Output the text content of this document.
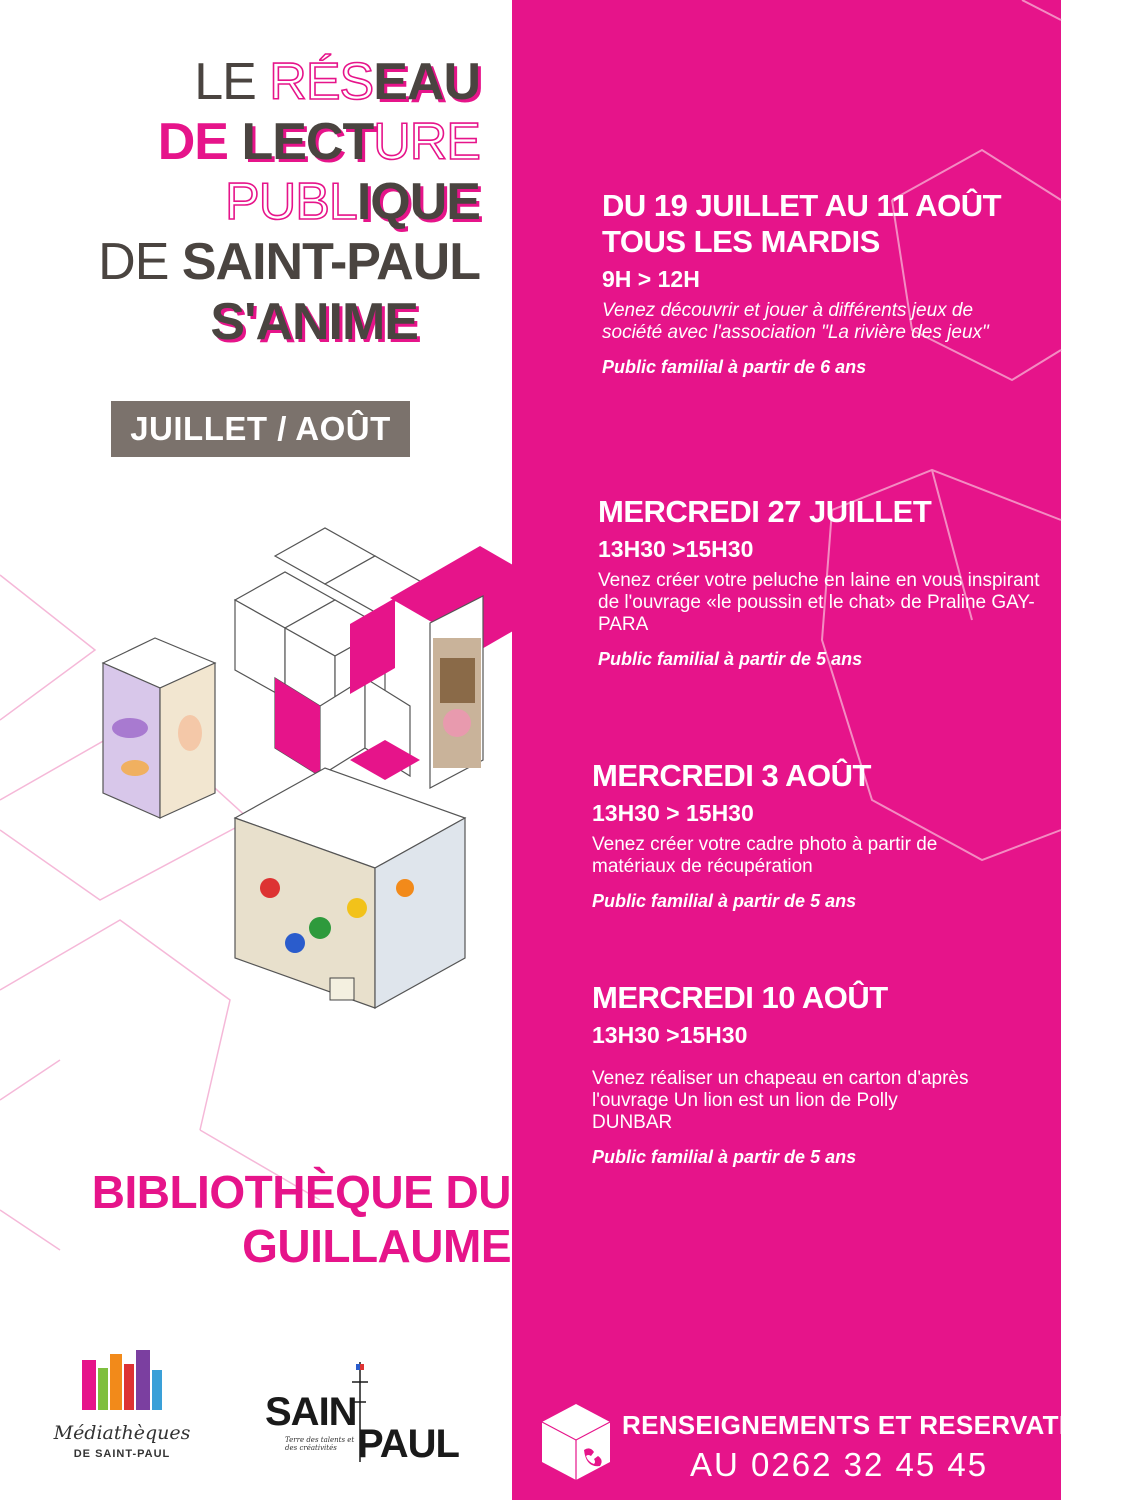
LE RÉSEAU
DE LECTURE
PUBLIQUE
DE SAINT-PAUL
S'ANIME
JUILLET / AOÛT 2022
BIBLIOTHÈQUE DU
GUILLAUME
Médiathèques
DE SAINT-PAUL
SAIN
PAUL
Terre des talents et des créativités
DU 19 JUILLET AU 11 AOÛT
TOUS LES MARDIS
9H > 12H
Venez découvrir et jouer à différents jeux de société avec l'association "La rivière des jeux"
Public familial à partir de 6 ans
MERCREDI 27 JUILLET
13H30 >15H30
Venez créer votre peluche en laine en vous inspirant de l'ouvrage «le poussin et le chat» de Praline GAY-PARA
Public familial à partir de 5 ans
MERCREDI 3 AOÛT
13H30 > 15H30
Venez créer votre cadre photo à partir de matériaux de récupération
Public familial à partir de 5 ans
MERCREDI 10 AOÛT
13H30 >15H30
Venez réaliser un chapeau en carton d'après l'ouvrage Un lion est un lion de Polly DUNBAR
Public familial à partir de 5 ans
RENSEIGNEMENTS ET RESERVATIONS
AU 0262 32 45 45
